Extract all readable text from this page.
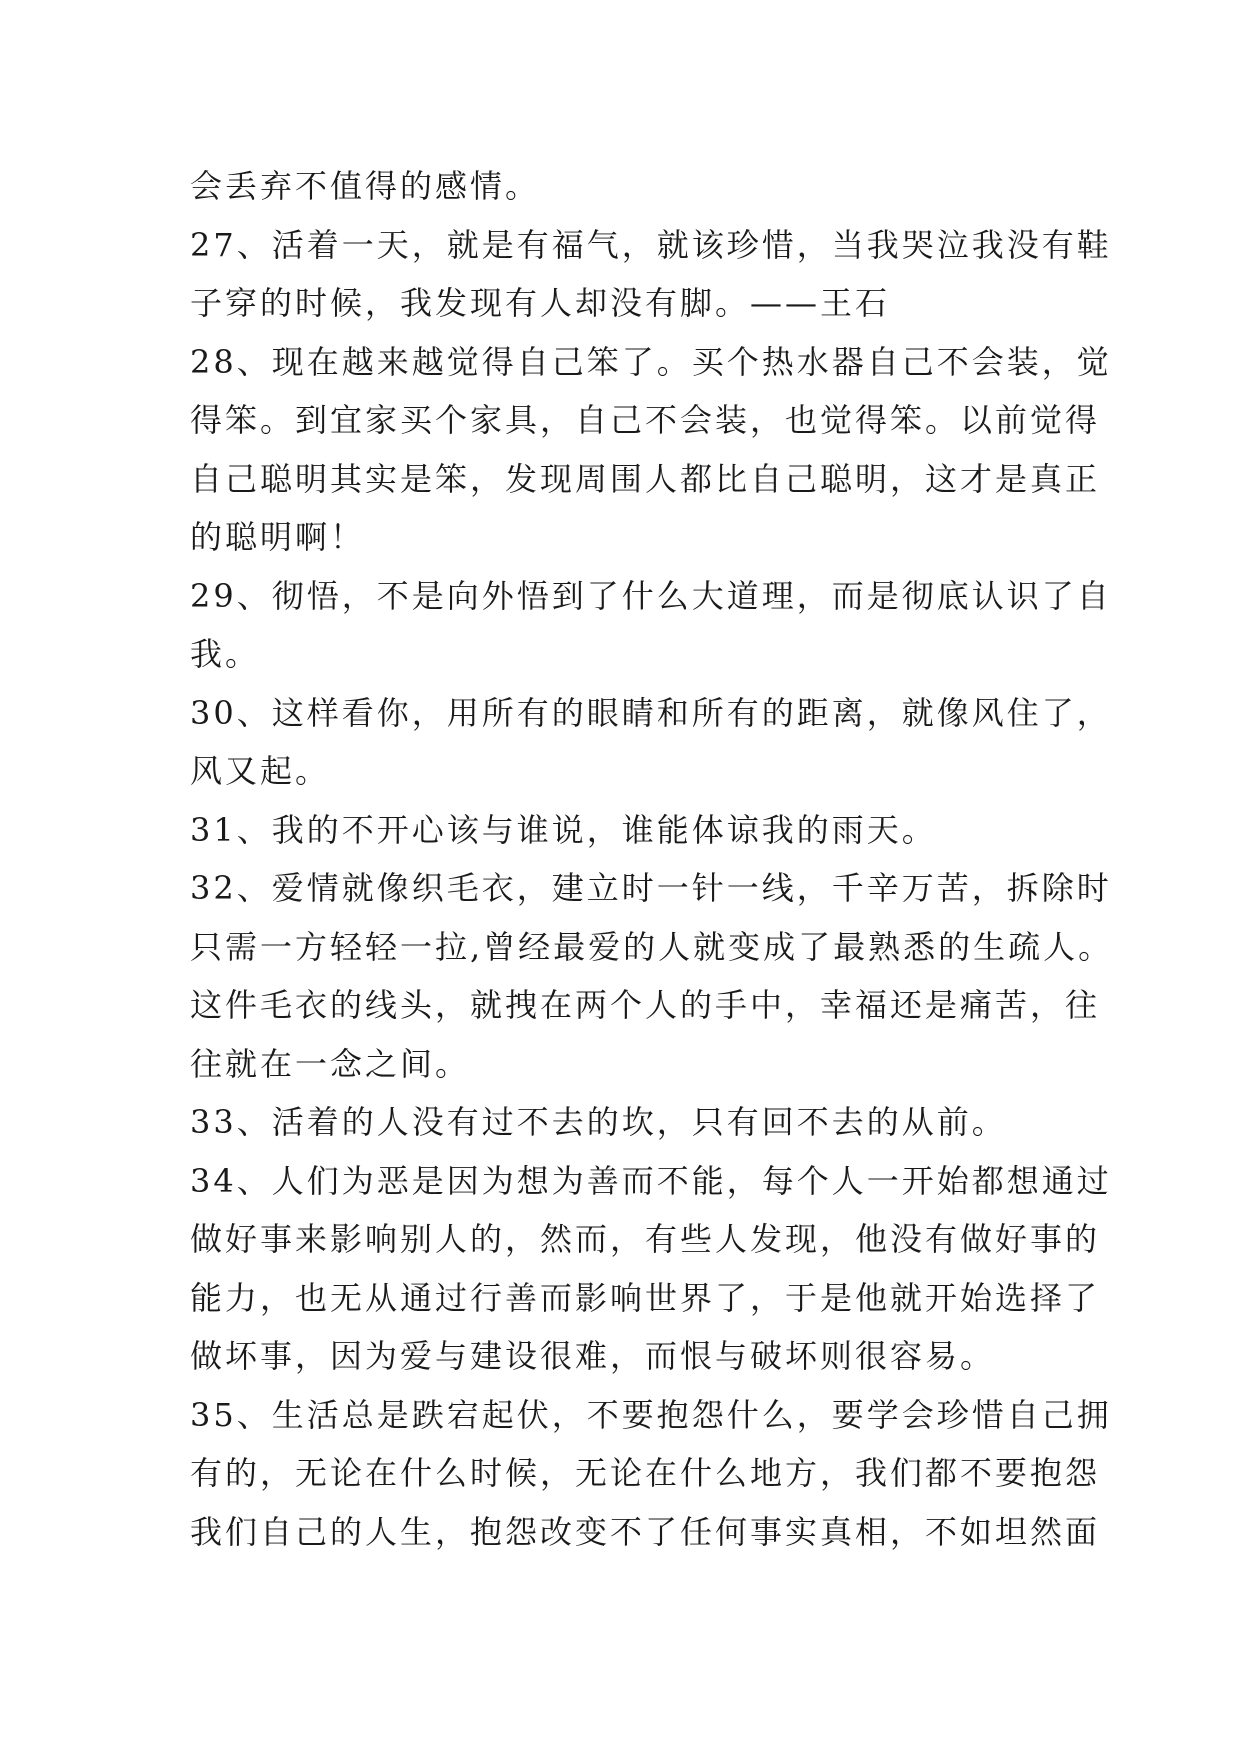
会丢弃不值得的感情。
27、活着一天，就是有福气，就该珍惜，当我哭泣我没有鞋
子穿的时候，我发现有人却没有脚。——王石
28、现在越来越觉得自己笨了。买个热水器自己不会装，觉
得笨。到宜家买个家具，自己不会装，也觉得笨。以前觉得
自己聪明其实是笨，发现周围人都比自己聪明，这才是真正
的聪明啊！
29、彻悟，不是向外悟到了什么大道理，而是彻底认识了自
我。
30、这样看你，用所有的眼睛和所有的距离，就像风住了，
风又起。
31、我的不开心该与谁说，谁能体谅我的雨天。
32、爱情就像织毛衣，建立时一针一线，千辛万苦，拆除时
只需一方轻轻一拉,曾经最爱的人就变成了最熟悉的生疏人。
这件毛衣的线头，就拽在两个人的手中，幸福还是痛苦，往
往就在一念之间。
33、活着的人没有过不去的坎，只有回不去的从前。
34、人们为恶是因为想为善而不能，每个人一开始都想通过
做好事来影响别人的，然而，有些人发现，他没有做好事的
能力，也无从通过行善而影响世界了，于是他就开始选择了
做坏事，因为爱与建设很难，而恨与破坏则很容易。
35、生活总是跌宕起伏，不要抱怨什么，要学会珍惜自己拥
有的，无论在什么时候，无论在什么地方，我们都不要抱怨
我们自己的人生，抱怨改变不了任何事实真相，不如坦然面
